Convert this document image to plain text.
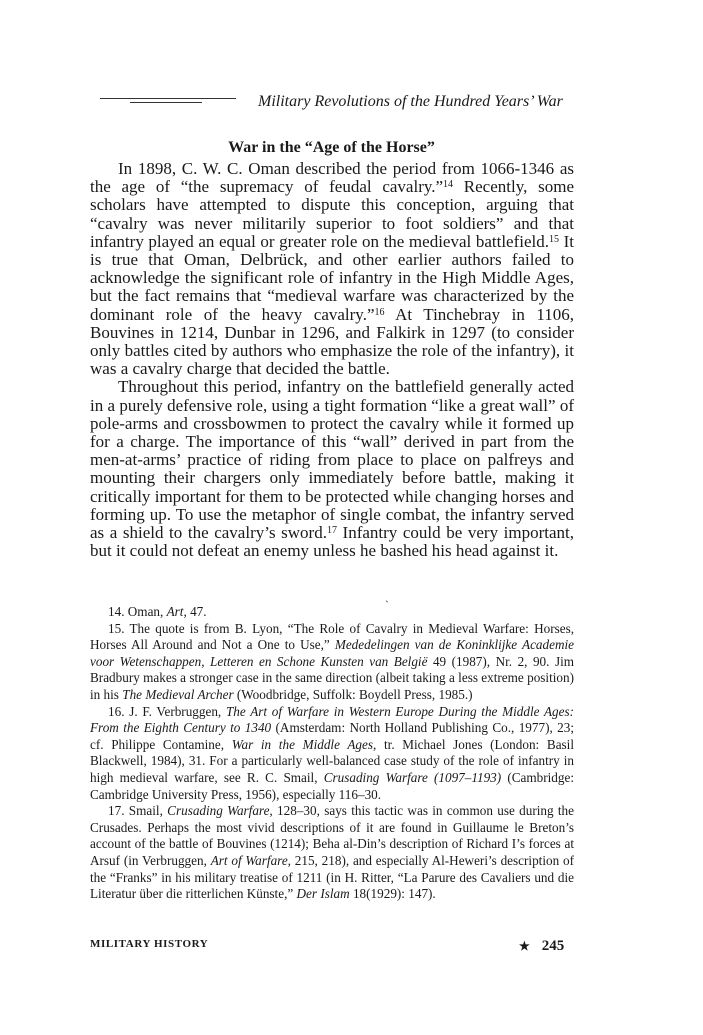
Military Revolutions of the Hundred Years’ War
War in the “Age of the Horse”

In 1898, C. W. C. Oman described the period from 1066-1346 as the age of “the supremacy of feudal cavalry.”$^{14}$ Recently, some scholars have attempted to dispute this conception, arguing that “cavalry was never militarily superior to foot soldiers” and that infantry played an equal or greater role on the medieval battlefield.$^{15}$ It is true that Oman, Delbrück, and other earlier authors failed to acknowledge the significant role of infantry in the High Middle Ages, but the fact remains that “medieval warfare was characterized by the dominant role of the heavy cavalry.”$^{16}$ At Tinchebray in 1106, Bouvines in 1214, Dunbar in 1296, and Falkirk in 1297 (to consider only battles cited by authors who emphasize the role of the infantry), it was a cavalry charge that decided the battle.

Throughout this period, infantry on the battlefield generally acted in a purely defensive role, using a tight formation “like a great wall” of pole-arms and crossbowmen to protect the cavalry while it formed up for a charge. The importance of this “wall” derived in part from the men-at-arms’ practice of riding from place to place on palfreys and mounting their chargers only immediately before battle, making it critically important for them to be protected while changing horses and forming up. To use the metaphor of single combat, the infantry served as a shield to the cavalry’s sword.$^{17}$ Infantry could be very important, but it could not defeat an enemy unless he bashed his head against it.

`

14. Oman, Art, 47.

15. The quote is from B. Lyon, “The Role of Cavalry in Medieval Warfare: Horses, Horses All Around and Not a One to Use,” Mededelingen van de Koninklijke Academie voor Wetenschappen, Letteren en Schone Kunsten van België 49 (1987), Nr. 2, 90. Jim Bradbury makes a stronger case in the same direction (albeit taking a less extreme position) in his The Medieval Archer (Woodbridge, Suffolk: Boydell Press, 1985.)

16. J. F. Verbruggen, The Art of Warfare in Western Europe During the Middle Ages: From the Eighth Century to 1340 (Amsterdam: North Holland Publishing Co., 1977), 23; cf. Philippe Contamine, War in the Middle Ages, tr. Michael Jones (London: Basil Blackwell, 1984), 31. For a particularly well-balanced case study of the role of infantry in high medieval warfare, see R. C. Smail, Crusading Warfare (1097–1193) (Cambridge: Cambridge University Press, 1956), especially 116–30.

17. Smail, Crusading Warfare, 128–30, says this tactic was in common use during the Crusades. Perhaps the most vivid descriptions of it are found in Guillaume le Breton’s account of the battle of Bouvines (1214); Beha al-Din’s description of Richard I’s forces at Arsuf (in Verbruggen, Art of Warfare, 215, 218), and especially Al-Heweri’s description of the “Franks” in his military treatise of 1211 (in H. Ritter, “La Parure des Cavaliers und die Literatur über die ritterlichen Künste,” Der Islam 18(1929): 147).

MILITARY HISTORY	★ 245
